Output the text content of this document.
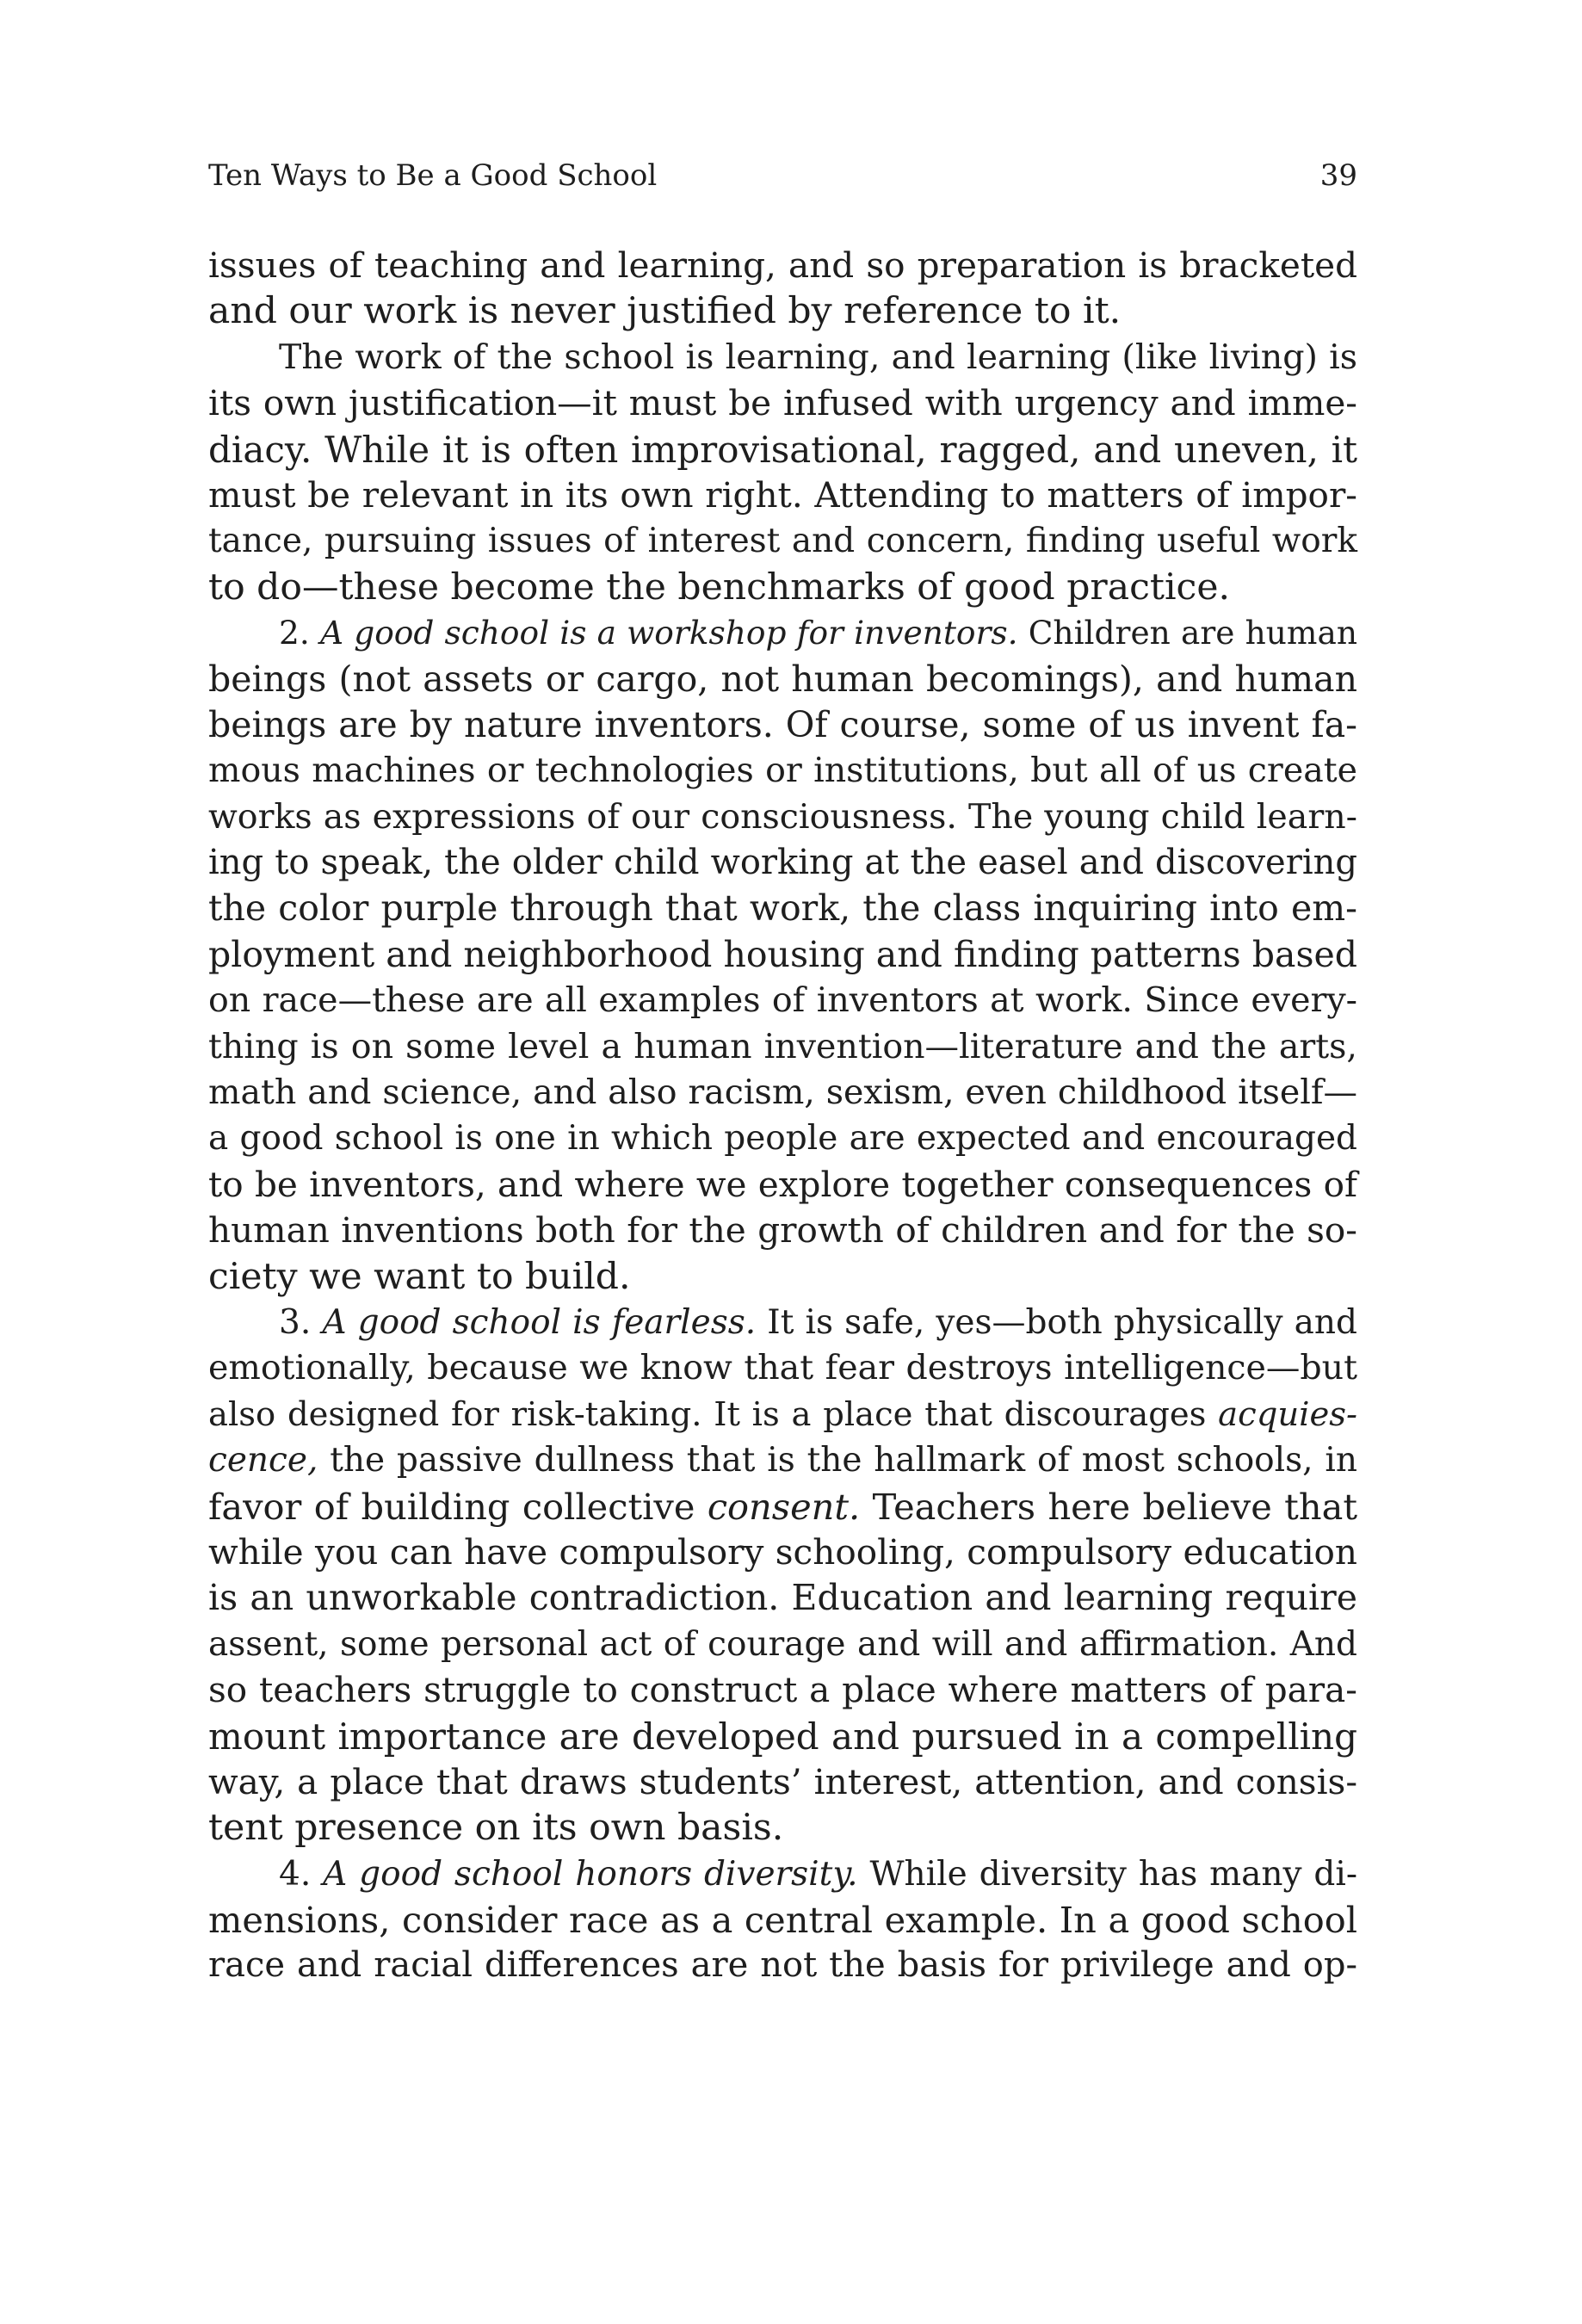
Ten Ways to Be a Good School	39
issues of teaching and learning, and so preparation is bracketed
and our work is never justified by reference to it.
The work of the school is learning, and learning (like living) is
its own justification—it must be infused with urgency and imme-
diacy. While it is often improvisational, ragged, and uneven, it
must be relevant in its own right. Attending to matters of impor-
tance, pursuing issues of interest and concern, finding useful work
to do—these become the benchmarks of good practice.
2. A good school is a workshop for inventors. Children are human
beings (not assets or cargo, not human becomings), and human
beings are by nature inventors. Of course, some of us invent fa-
mous machines or technologies or institutions, but all of us create
works as expressions of our consciousness. The young child learn-
ing to speak, the older child working at the easel and discovering
the color purple through that work, the class inquiring into em-
ployment and neighborhood housing and finding patterns based
on race—these are all examples of inventors at work. Since every-
thing is on some level a human invention—literature and the arts,
math and science, and also racism, sexism, even childhood itself—
a good school is one in which people are expected and encouraged
to be inventors, and where we explore together consequences of
human inventions both for the growth of children and for the so-
ciety we want to build.
3. A good school is fearless. It is safe, yes—both physically and
emotionally, because we know that fear destroys intelligence—but
also designed for risk-taking. It is a place that discourages acquies-
cence, the passive dullness that is the hallmark of most schools, in
favor of building collective consent. Teachers here believe that
while you can have compulsory schooling, compulsory education
is an unworkable contradiction. Education and learning require
assent, some personal act of courage and will and affirmation. And
so teachers struggle to construct a place where matters of para-
mount importance are developed and pursued in a compelling
way, a place that draws students’ interest, attention, and consis-
tent presence on its own basis.
4. A good school honors diversity. While diversity has many di-
mensions, consider race as a central example. In a good school
race and racial differences are not the basis for privilege and op-
